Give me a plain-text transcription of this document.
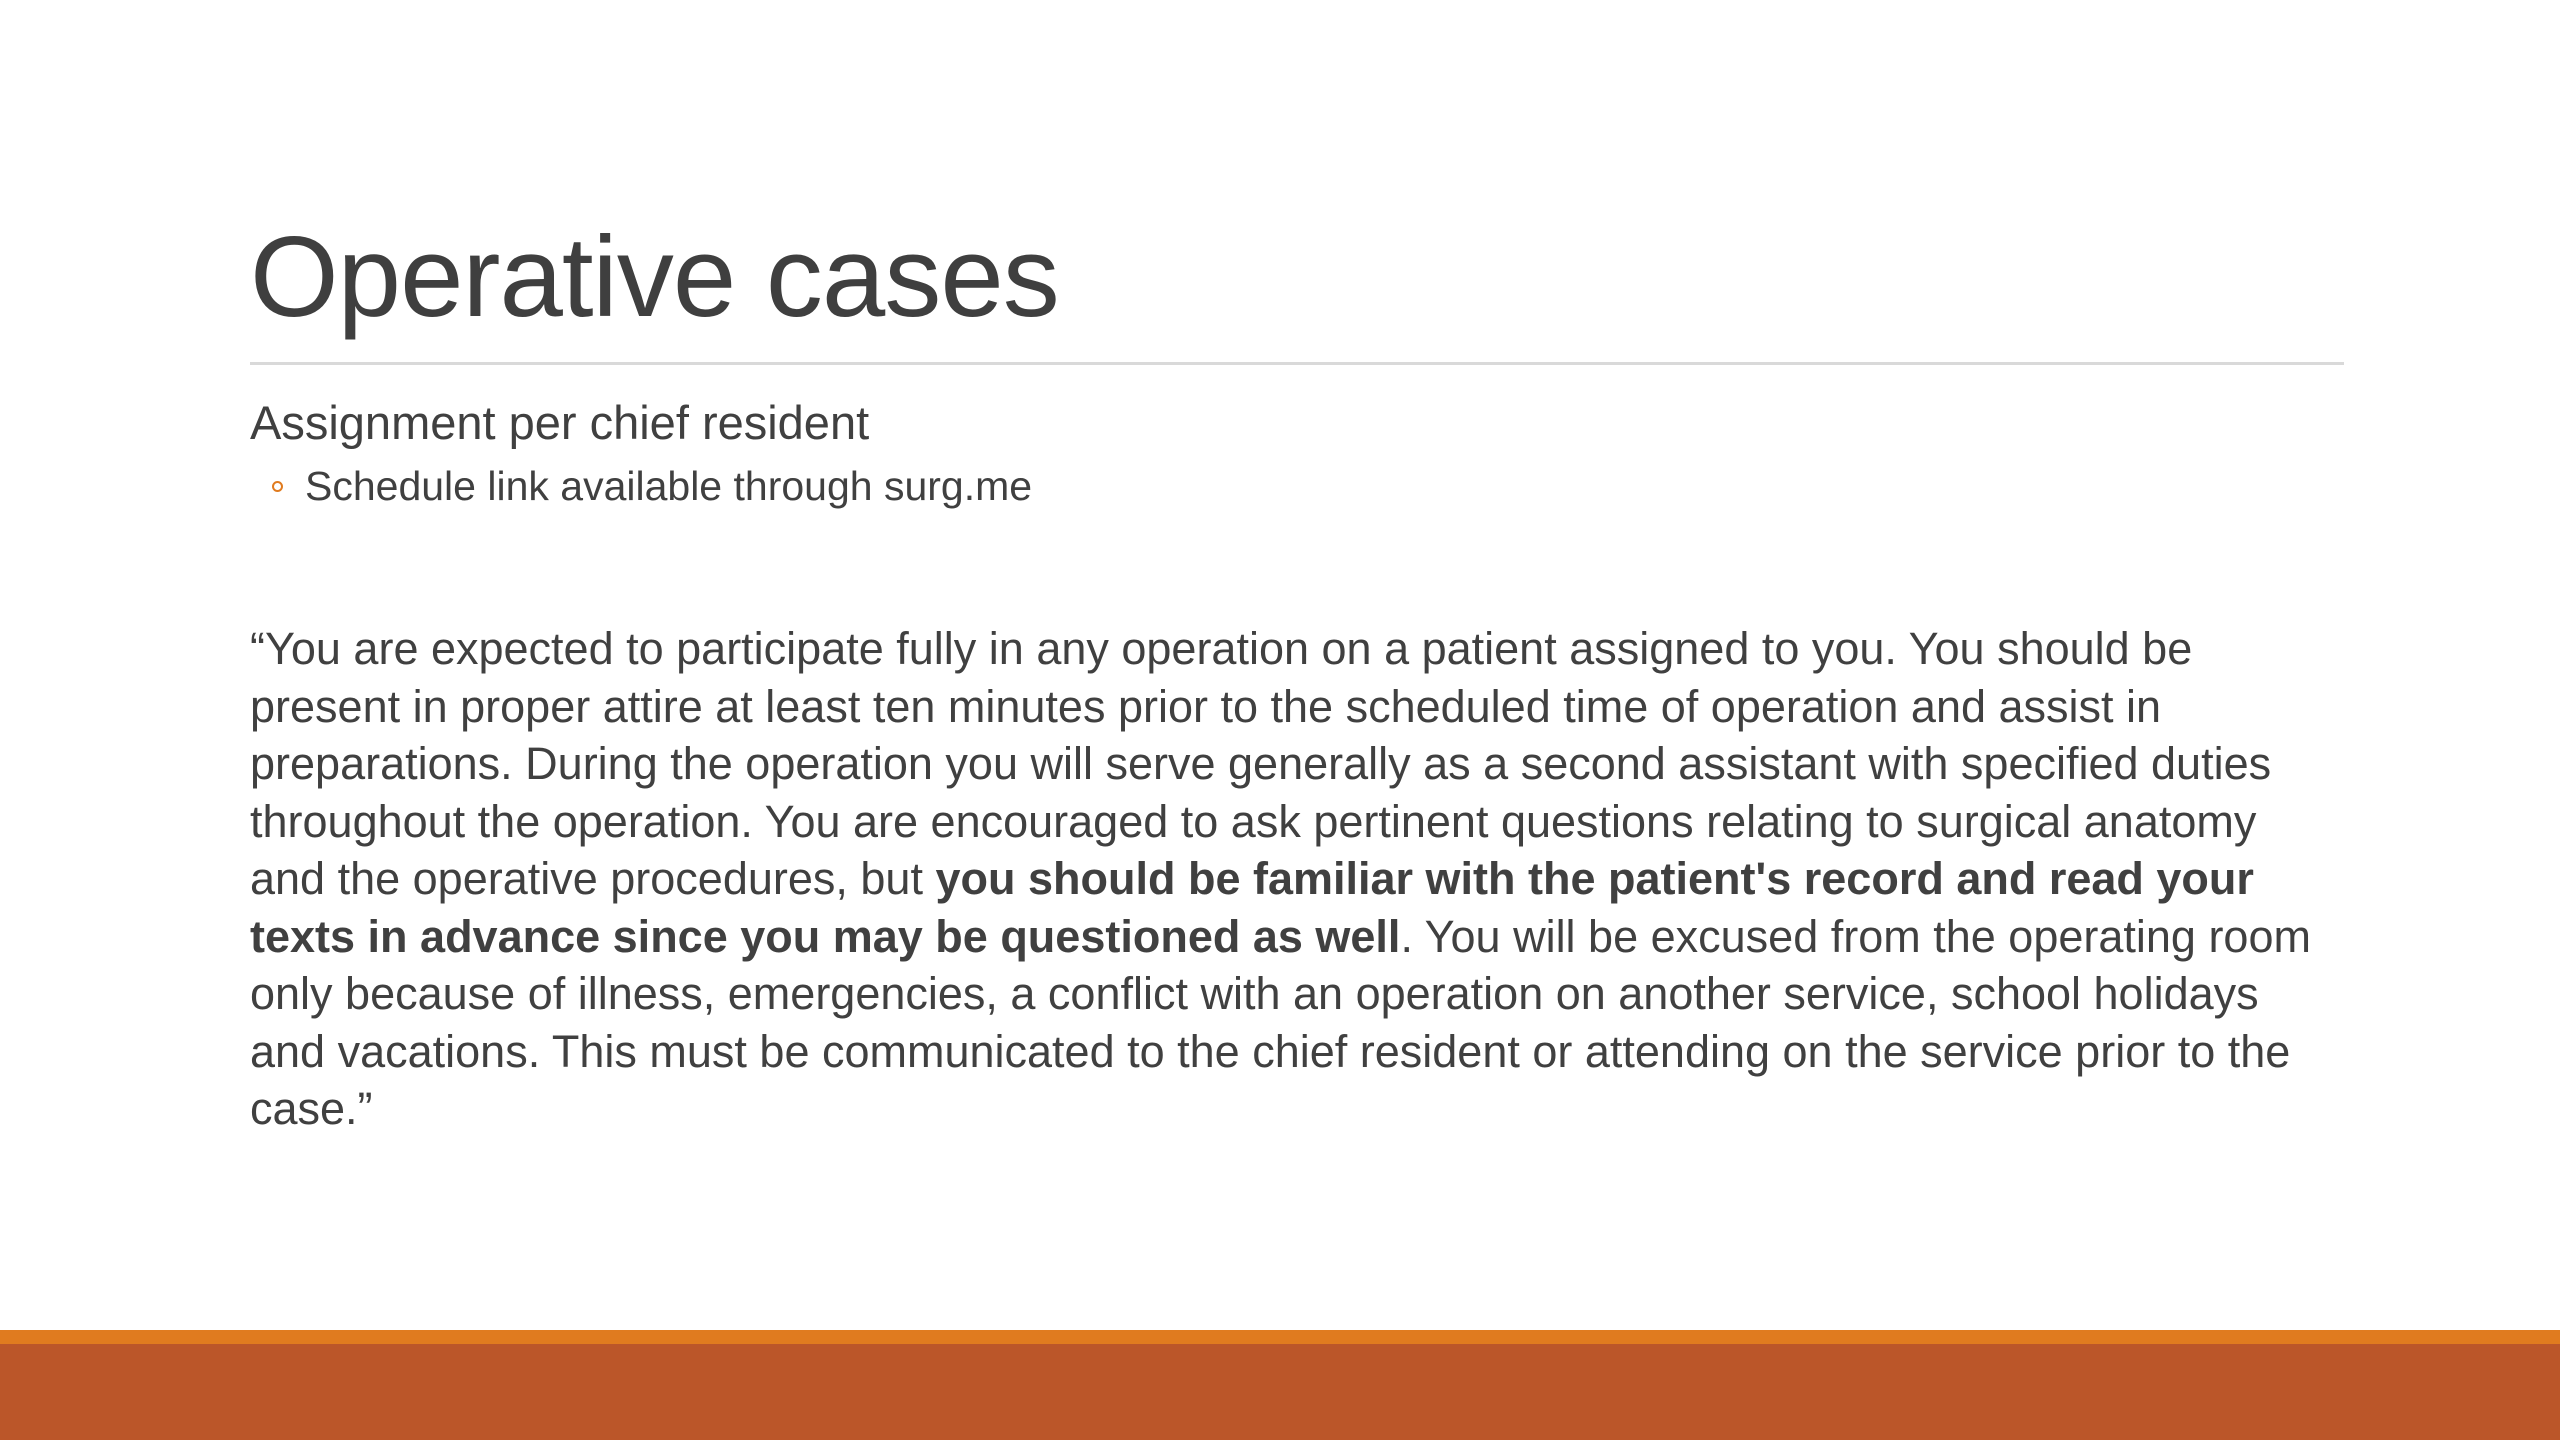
Operative cases
Assignment per chief resident
Schedule link available through surg.me
“You are expected to participate fully in any operation on a patient assigned to you. You should be present in proper attire at least ten minutes prior to the scheduled time of operation and assist in preparations. During the operation you will serve generally as a second assistant with specified duties throughout the operation. You are encouraged to ask pertinent questions relating to surgical anatomy and the operative procedures, but you should be familiar with the patient's record and read your texts in advance since you may be questioned as well. You will be excused from the operating room only because of illness, emergencies, a conflict with an operation on another service, school holidays and vacations. This must be communicated to the chief resident or attending on the service prior to the case.”
